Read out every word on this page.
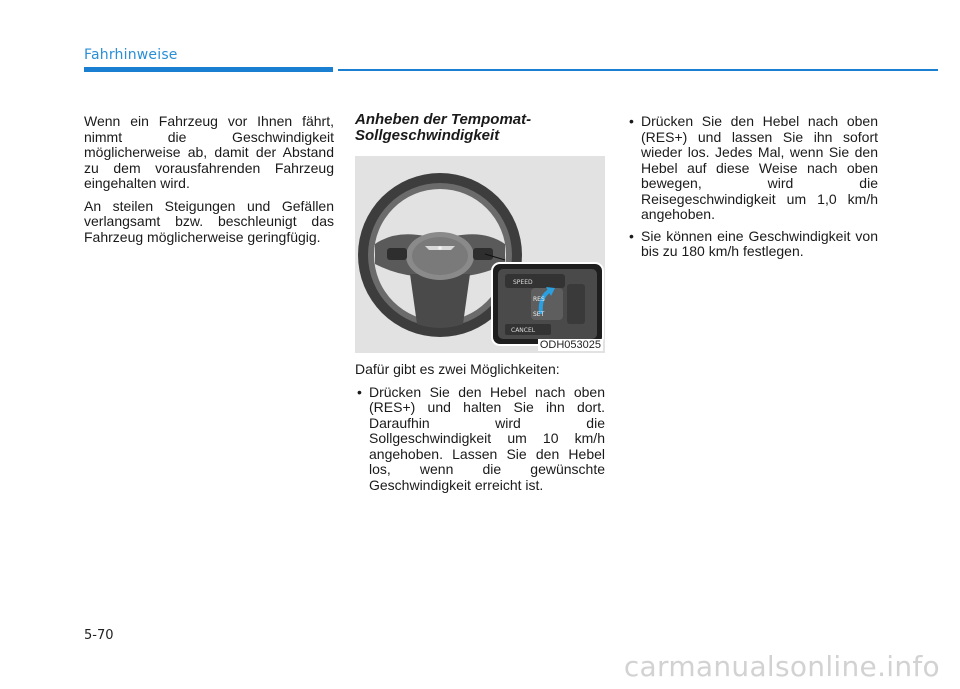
Fahrhinweise

Wenn ein Fahrzeug vor Ihnen fährt, nimmt die Geschwindigkeit möglicherweise ab, damit der Abstand zu dem vorausfahrenden Fahrzeug eingehalten wird.

An steilen Steigungen und Gefällen verlangsamt bzw. beschleunigt das Fahrzeug möglicherweise geringfügig.

Anheben der Tempomat-Sollgeschwindigkeit
SPEED
RES
SET
CANCEL
ODH053025

Dafür gibt es zwei Möglichkeiten:

• Drücken Sie den Hebel nach oben (RES+) und halten Sie ihn dort. Daraufhin wird die Sollgeschwindigkeit um 10 km/h angehoben. Lassen Sie den Hebel los, wenn die gewünschte Geschwindigkeit erreicht ist.
• Drücken Sie den Hebel nach oben (RES+) und lassen Sie ihn sofort wieder los. Jedes Mal, wenn Sie den Hebel auf diese Weise nach oben bewegen, wird die Reisegeschwindigkeit um 1,0 km/h angehoben.
• Sie können eine Geschwindigkeit von bis zu 180 km/h festlegen.
5-70
carmanualsonline.info
